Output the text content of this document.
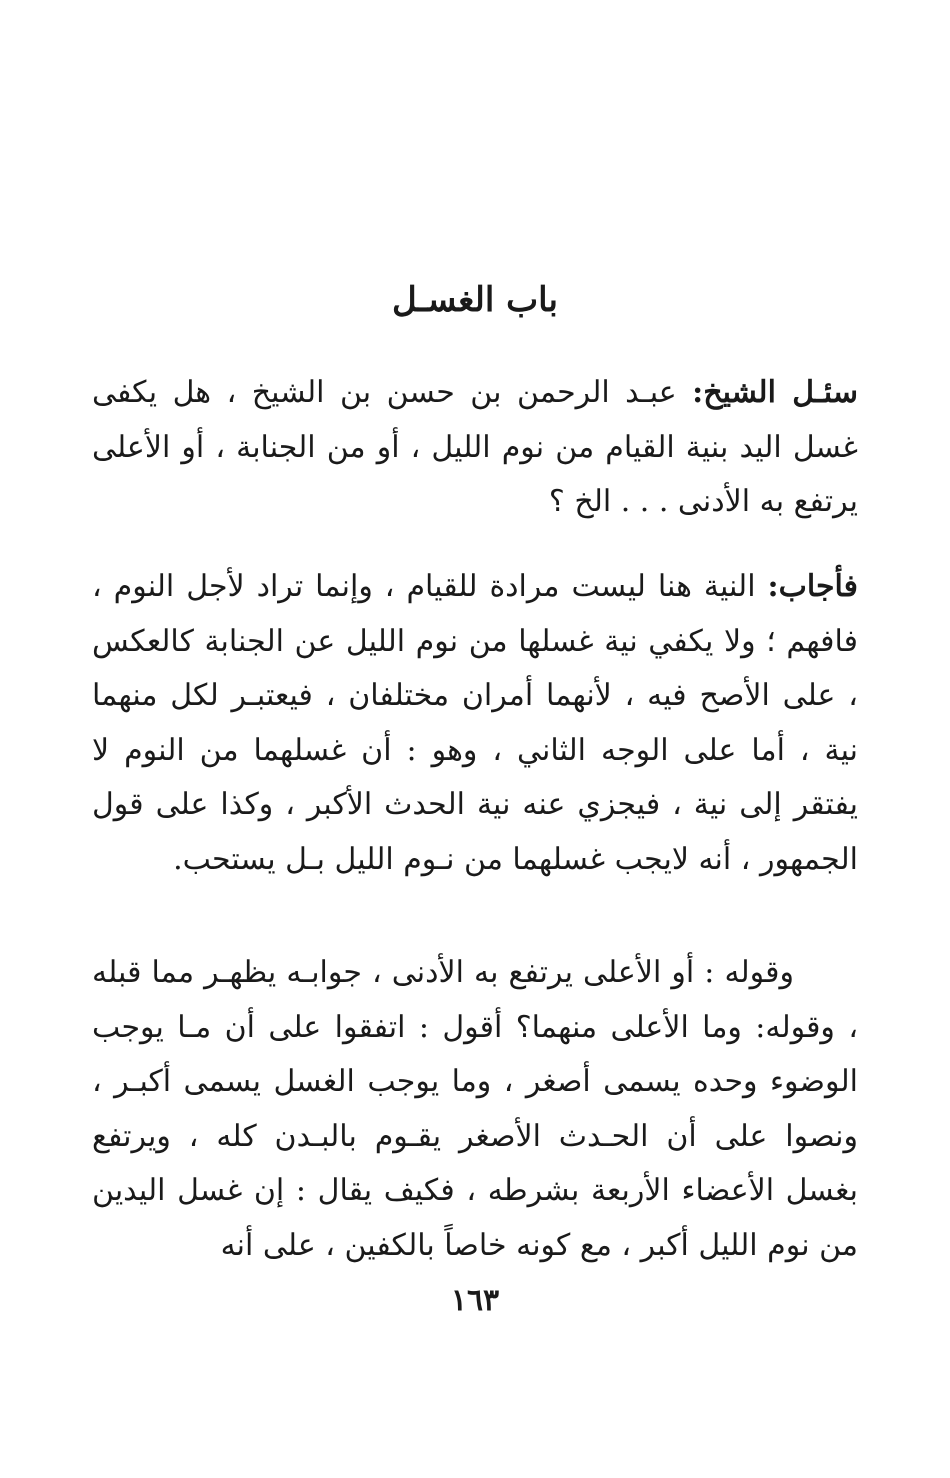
باب الغسـل

سئـل الشيخ: عبـد الرحمن بن حسن بن الشيخ ، هل يكفى غسل اليد بنية القيام من نوم الليل ، أو من الجنابة ، أو الأعلى يرتفع به الأدنى . . . الخ ؟

فأجاب: النية هنا ليست مرادة للقيام ، وإنما تراد لأجل النوم ، فافهم ؛ ولا يكفي نية غسلها من نوم الليل عن الجنابة كالعكس ، على الأصح فيه ، لأنهما أمران مختلفان ، فيعتبـر لكل منهما نية ، أما على الوجه الثاني ، وهو : أن غسلهما من النوم لا يفتقر إلى نية ، فيجزي عنه نية الحدث الأكبر ، وكذا على قول الجمهور ، أنه لايجب غسلهما من نـوم الليل بـل يستحب.

وقوله : أو الأعلى يرتفع به الأدنى ، جوابـه يظهـر مما قبله ، وقوله: وما الأعلى منهما؟ أقول : اتفقوا على أن مـا يوجب الوضوء وحده يسمى أصغر ، وما يوجب الغسل يسمى أكبـر ، ونصوا على أن الحـدث الأصغر يقـوم بالبـدن كله ، ويرتفع بغسل الأعضاء الأربعة بشرطه ، فكيف يقال : إن غسل اليدين من نوم الليل أكبر ، مع كونه خاصاً بالكفين ، على أنه

١٦٣
